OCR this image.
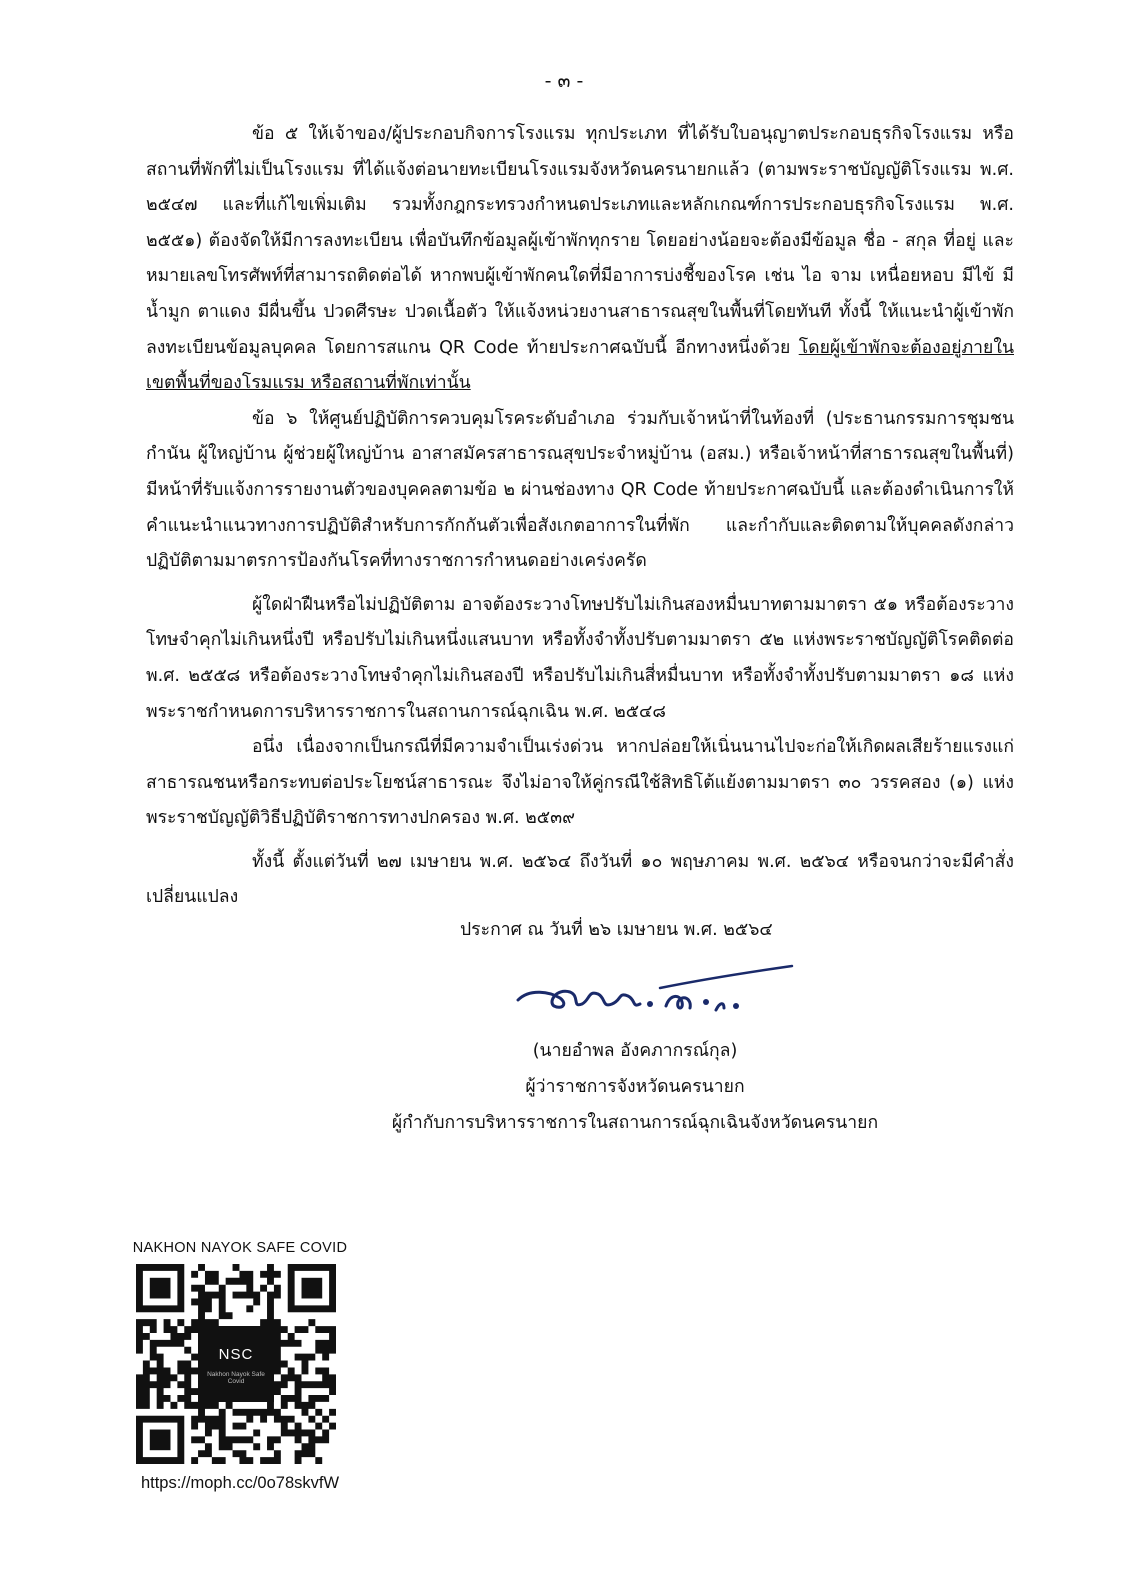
- ๓ -

ข้อ ๕ ให้เจ้าของ/ผู้ประกอบกิจการโรงแรม ทุกประเภท ที่ได้รับใบอนุญาตประกอบธุรกิจโรงแรม หรือสถานที่พักที่ไม่เป็นโรงแรม ที่ได้แจ้งต่อนายทะเบียนโรงแรมจังหวัดนครนายกแล้ว (ตามพระราชบัญญัติโรงแรม พ.ศ. ๒๕๔๗ และที่แก้ไขเพิ่มเติม รวมทั้งกฎกระทรวงกำหนดประเภทและหลักเกณฑ์การประกอบธุรกิจโรงแรม พ.ศ. ๒๕๕๑) ต้องจัดให้มีการลงทะเบียน เพื่อบันทึกข้อมูลผู้เข้าพักทุกราย โดยอย่างน้อยจะต้องมีข้อมูล ชื่อ - สกุล ที่อยู่ และหมายเลขโทรศัพท์ที่สามารถติดต่อได้ หากพบผู้เข้าพักคนใดที่มีอาการบ่งชี้ของโรค เช่น ไอ จาม เหนื่อยหอบ มีไข้ มีน้ำมูก ตาแดง มีผื่นขึ้น ปวดศีรษะ ปวดเนื้อตัว ให้แจ้งหน่วยงานสาธารณสุขในพื้นที่โดยทันที ทั้งนี้ ให้แนะนำผู้เข้าพักลงทะเบียนข้อมูลบุคคล โดยการสแกน QR Code ท้ายประกาศฉบับนี้ อีกทางหนึ่งด้วย โดยผู้เข้าพักจะต้องอยู่ภายในเขตพื้นที่ของโรมแรม หรือสถานที่พักเท่านั้น

ข้อ ๖ ให้ศูนย์ปฏิบัติการควบคุมโรคระดับอำเภอ ร่วมกับเจ้าหน้าที่ในท้องที่ (ประธานกรรมการชุมชน กำนัน ผู้ใหญ่บ้าน ผู้ช่วยผู้ใหญ่บ้าน อาสาสมัครสาธารณสุขประจำหมู่บ้าน (อสม.) หรือเจ้าหน้าที่สาธารณสุขในพื้นที่) มีหน้าที่รับแจ้งการรายงานตัวของบุคคลตามข้อ ๒ ผ่านช่องทาง QR Code ท้ายประกาศฉบับนี้ และต้องดำเนินการให้คำแนะนำแนวทางการปฏิบัติสำหรับการกักกันตัวเพื่อสังเกตอาการในที่พัก และกำกับและติดตามให้บุคคลดังกล่าวปฏิบัติตามมาตรการป้องกันโรคที่ทางราชการกำหนดอย่างเคร่งครัด

ผู้ใดฝ่าฝืนหรือไม่ปฏิบัติตาม อาจต้องระวางโทษปรับไม่เกินสองหมื่นบาทตามมาตรา ๕๑ หรือต้องระวางโทษจำคุกไม่เกินหนึ่งปี หรือปรับไม่เกินหนึ่งแสนบาท หรือทั้งจำทั้งปรับตามมาตรา ๕๒ แห่งพระราชบัญญัติโรคติดต่อ พ.ศ. ๒๕๕๘ หรือต้องระวางโทษจำคุกไม่เกินสองปี หรือปรับไม่เกินสี่หมื่นบาท หรือทั้งจำทั้งปรับตามมาตรา ๑๘ แห่งพระราชกำหนดการบริหารราชการในสถานการณ์ฉุกเฉิน พ.ศ. ๒๕๔๘

อนึ่ง เนื่องจากเป็นกรณีที่มีความจำเป็นเร่งด่วน หากปล่อยให้เนิ่นนานไปจะก่อให้เกิดผลเสียร้ายแรงแก่สาธารณชนหรือกระทบต่อประโยชน์สาธารณะ จึงไม่อาจให้คู่กรณีใช้สิทธิโต้แย้งตามมาตรา ๓๐ วรรคสอง (๑) แห่งพระราชบัญญัติวิธีปฏิบัติราชการทางปกครอง พ.ศ. ๒๕๓๙

ทั้งนี้ ตั้งแต่วันที่ ๒๗ เมษายน พ.ศ. ๒๕๖๔ ถึงวันที่ ๑๐ พฤษภาคม พ.ศ. ๒๕๖๔ หรือจนกว่าจะมีคำสั่งเปลี่ยนแปลง

ประกาศ ณ วันที่ ๒๖ เมษายน พ.ศ. ๒๕๖๔
(นายอำพล อังคภากรณ์กุล)
ผู้ว่าราชการจังหวัดนครนายก
ผู้กำกับการบริหารราชการในสถานการณ์ฉุกเฉินจังหวัดนครนายก
NAKHON NAYOK SAFE COVID
NSC
Nakhon Nayok Safe Covid
https://moph.cc/0o78skvfW
